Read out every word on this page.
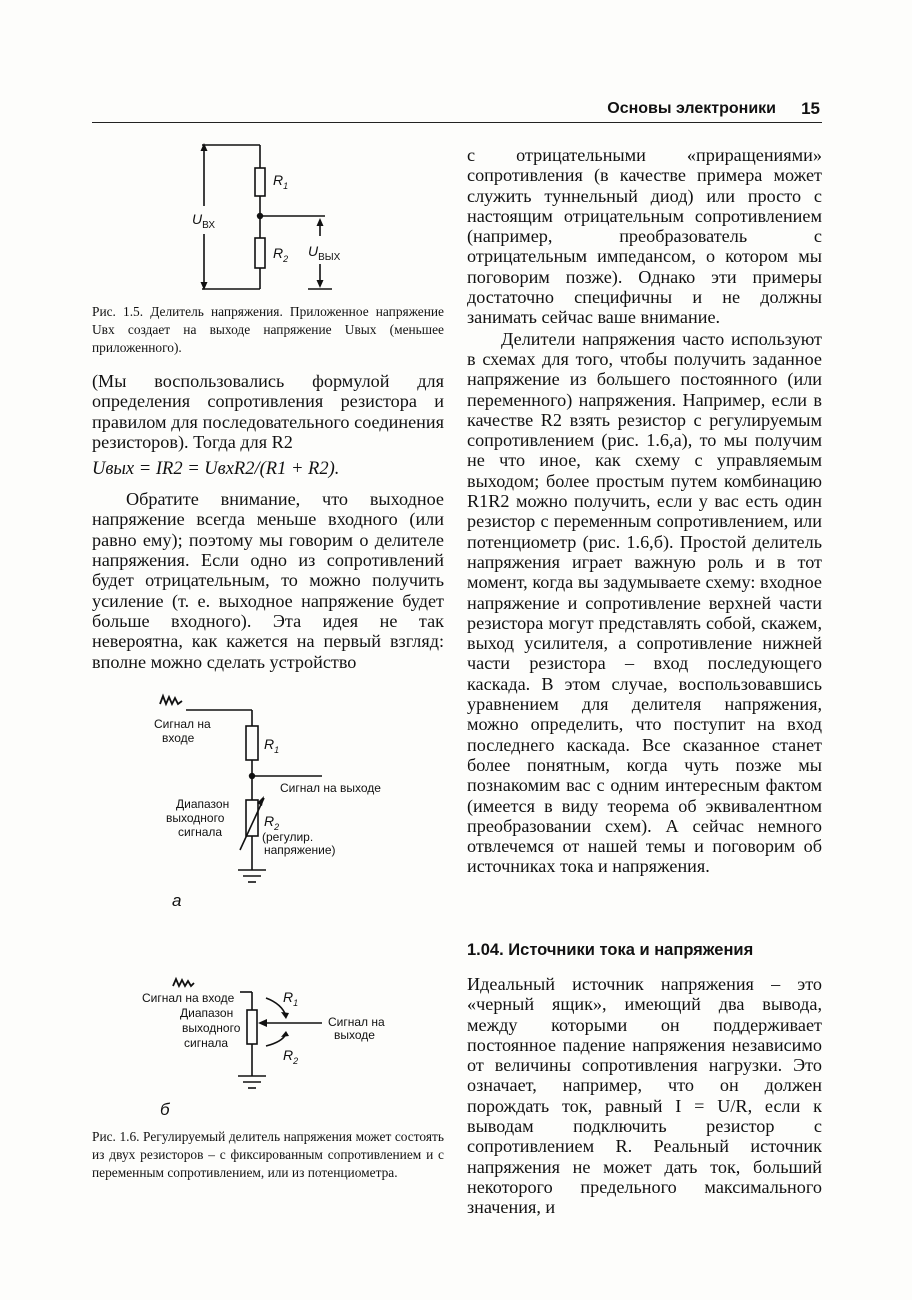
Основы электроники 15
$R_1$
$R_2$
$U_{ВХ}$
$U_{ВЫХ}$

Рис. 1.5. Делитель напряжения. Приложенное напряжение Uвх создает на выходе напряжение Uвых (меньшее приложенного).

(Мы воспользовались формулой для определения сопротивления резистора и правилом для последовательного соединения резисторов). Тогда для R2

Uвых = IR2 = UвхR2/(R1 + R2).

Обратите внимание, что выходное напряжение всегда меньше входного (или равно ему); поэтому мы говорим о делителе напряжения. Если одно из сопротивлений будет отрицательным, то можно получить усиление (т. е. выходное напряжение будет больше входного). Эта идея не так невероятна, как кажется на первый взгляд: вполне можно сделать устройство

Сигнал на
входе	$R_1$
Сигнал на выходе
Диапазон
выходного
сигнала
$R_2$
(регулир.
напряжение)
а
Сигнал на входе
Диапазон
выходного
сигнала
$R_1$
$R_2$
Сигнал на
выходе
б

Рис. 1.6. Регулируемый делитель напряжения может состоять из двух резисторов – с фиксированным сопротивлением и с переменным сопротивлением, или из потенциометра.

с отрицательными «приращениями» сопротивления (в качестве примера может служить туннельный диод) или просто с настоящим отрицательным сопротивлением (например, преобразователь с отрицательным импедансом, о котором мы поговорим позже). Однако эти примеры достаточно специфичны и не должны занимать сейчас ваше внимание.

Делители напряжения часто используют в схемах для того, чтобы получить заданное напряжение из большего постоянного (или переменного) напряжения. Например, если в качестве R2 взять резистор с регулируемым сопротивлением (рис. 1.6,а), то мы получим не что иное, как схему с управляемым выходом; более простым путем комбинацию R1R2 можно получить, если у вас есть один резистор с переменным сопротивлением, или потенциометр (рис. 1.6,б). Простой делитель напряжения играет важную роль и в тот момент, когда вы задумываете схему: входное напряжение и сопротивление верхней части резистора могут представлять собой, скажем, выход усилителя, а сопротивление нижней части резистора – вход последующего каскада. В этом случае, воспользовавшись уравнением для делителя напряжения, можно определить, что поступит на вход последнего каскада. Все сказанное станет более понятным, когда чуть позже мы познакомим вас с одним интересным фактом (имеется в виду теорема об эквивалентном преобразовании схем). А сейчас немного отвлечемся от нашей темы и поговорим об источниках тока и напряжения.

1.04. Источники тока и напряжения

Идеальный источник напряжения – это «черный ящик», имеющий два вывода, между которыми он поддерживает постоянное падение напряжения независимо от величины сопротивления нагрузки. Это означает, например, что он должен порождать ток, равный I = U/R, если к выводам подключить резистор с сопротивлением R. Реальный источник напряжения не может дать ток, больший некоторого предельного максимального значения, и
